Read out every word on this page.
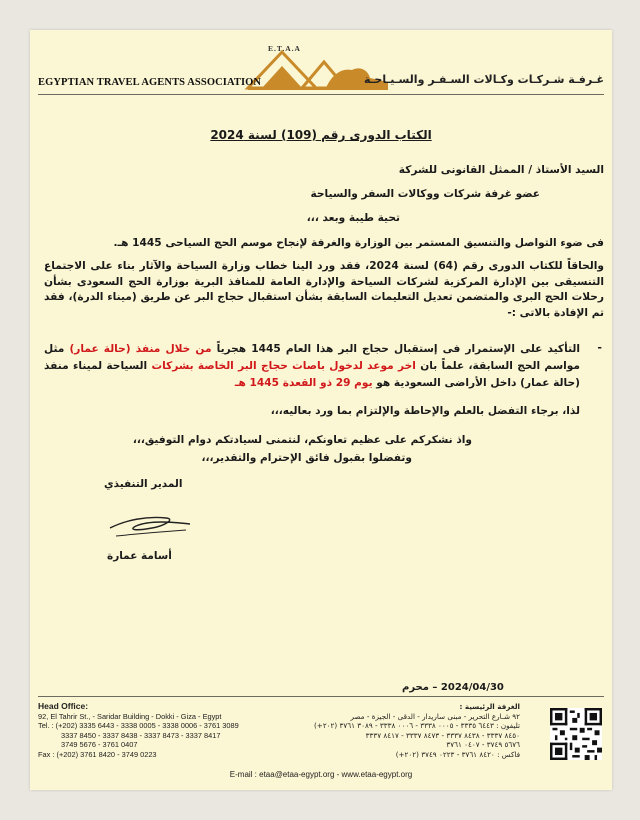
E.T.A.A
EGYPTIAN TRAVEL AGENTS ASSOCIATION	غـرفـة شـركـات وكـالات السـفـر والسـيـاحـة
الكتاب الدورى رقم (109) لسنة 2024
السيد الأستاذ / الممثل القانونى للشركة
عضو غرفة شركات ووكالات السفر والسياحة
تحية طيبة وبعد ،،،
فى ضوء التواصل والتنسيق المستمر بين الوزارة والغرفة لإنجاح موسم الحج السياحى 1445 هـ.
والحاقاً للكتاب الدورى رقم (64) لسنة 2024، فقد ورد الينا خطاب وزارة السياحة والآثار بناء على الاجتماع التنسيقى بين الإدارة المركزية لشركات السياحة والإدارة العامة للمنافذ البرية بوزارة الحج السعودى بشأن رحلات الحج البرى والمتضمن تعديل التعليمات السابقة بشأن استقبال حجاج البر عن طريق (ميناء الدرة)، فقد تم الإفادة بالاتى :-
-
التأكيد على الإستمرار فى إستقبال حجاج البر هذا العام 1445 هجرياً من خلال منفذ (حالة عمار) مثل مواسم الحج السابقة، علماً بان اخر موعد لدخول باصات حجاج البر الخاصة بشركات السياحة لميناء منفذ (حالة عمار) داخل الأراضى السعودية هو يوم 29 ذو القعدة 1445 هـ
لذا، برجاء التفضل بالعلم والإحاطة والإلتزام بما ورد بعاليه،،،
واذ نشكركم على عظيم تعاونكم، لنتمنى لسيادتكم دوام التوفيق،،،
وتفضلوا بقبول فائق الإحترام والتقدير،،،
المدير التنفيذي
أسامة عمارة
2024/04/30 – محرم
Head Office:
92, El Tahrir St., - Saridar Building - Dokki - Giza - Egypt
Tel. : (+202) 3335 6443 - 3338 0005 - 3338 0006 - 3761 3089
3337 8450 - 3337 8438 - 3337 8473 - 3337 8417
3749 5676 - 3761 0407
Fax : (+202) 3761 8420 - 3749 0223
الغرفة الرئيسية :
٩٢ شـارع التحرير - مبنى ساريدار - الدقى - الجيزة - مصر
تليفون : ٦٤٤٣ ٣٣٣٥ - ٠٠٠٥ ٣٣٣٨ - ٠٠٠٦ ٣٣٣٨ - ٣٠٨٩ ٣٧٦١ (٢٠٢+)
٨٤٥٠ ٣٣٣٧ - ٨٤٣٨ ٣٣٣٧ - ٨٤٧٣ ٣٣٣٧ - ٨٤١٧ ٣٣٣٧
٥٦٧٦ ٣٧٤٩ - ٠٤٠٧ ٣٧٦١
فاكس : ٨٤٢٠ ٣٧٦١ - ٠٢٢٣ ٣٧٤٩ (٢٠٢+)
E-mail : etaa@etaa-egypt.org - www.etaa-egypt.org
